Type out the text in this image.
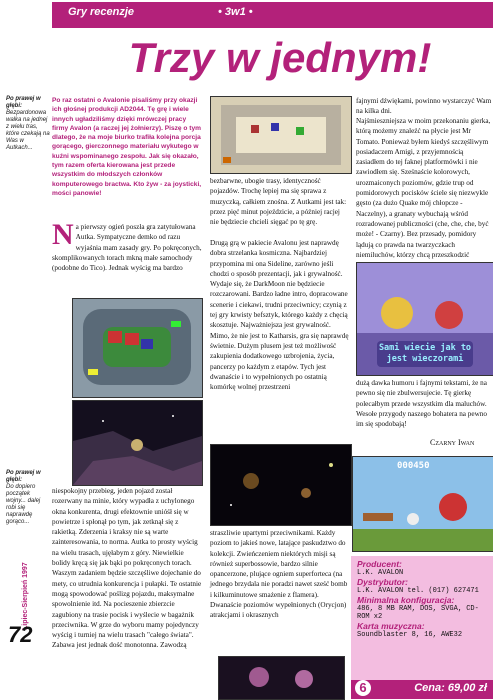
Gry recenzje	• 3w1 •
Trzy w jednym!
Po prawej w głębi:
Bezpardonowa walka na jednej z wielu tras, które czekają na Was w Autkach...
Po prawej w głębi:
Do dopiero początek wojny... dalej robi się naprawdę gorąco...
Po raz ostatni o Avalonie pisaliśmy przy okazji ich głośnej produkcji AD2044. Tę grę i wiele innych ugładziliśmy dzięki mrówczej pracy firmy Avalon (a raczej jej żołnierzy). Piszę o tym dlatego, że na moje biurko trafiła kolejna porcja gorącego, gierczonnego materiału wykutego w kuźni wspominanego zespołu. Jak się okazało, tym razem oferta kierowana jest przede wszystkim do młodszych członków komputerowego bractwa. Kto żyw - za joysticki, mości panowie!
N a pierwszy ogień poszła gra zatytułowana Autka. Sympatyczne demko od razu wyjaśnia mam zasady gry. Po pokręconych, skomplikowanych torach mkną małe samochody (podobne do Tico). Jednak wyścig ma bardzo
niespokojny przebieg, jeden pojazd został rozerwany na minie, który wypadła z uchylonego okna konkurenta, drugi efektownie unióśł się w powietrze i spłonął po tym, jak zetknął się z rakietką. Zderzenia i kraksy nie są warte zainteresowania, to norma. Autka to prosty wyścig na wielu trasach, ujęłabym z góry. Niewielkie bolidy kręcą się jak bąki po pokręconych torach. Waszym zadaniem będzie szczęśliwe dojechanie do mety, co utrudnia konkurencja i pułapki. Te ostatnie mogą spowodować poślizg pojazdu, maksymalne spowolnienie itd. Na pocieszenie zbierzcie zagubiony na trasie pocisk i wyślecie w bagażnik przeciwnika. W grze do wyboru mamy pojedynczy wyścig i turniej na wielu trasach "całego świata". Zabawa jest jednak dość monotonna. Zawodzą
bezbarwne, ubogie trasy, identyczność pojazdów. Trochę lepiej ma się sprawa z muzyczką, całkiem znośna. Z Autkami jest tak: przez pięć minut pojeździcie, a później racjej nie będziecie chcieli sięgać po tę grę.
Drugą grą w pakiecie Avalonu jest naprawdę dobra strzelanka kosmiczna. Najbardziej przypomina mi ona Sideline, zarówno jeśli chodzi o sposób prezentacji, jak i grywalność. Wydaje się, że DarkMoon nie będziecie rozczarowani. Bardzo ładne intro, dopracowane scenerie i ciekawi, trudni przeciwnicy; czynią z tej gry krwisty befsztyk, którego każdy z chęcią skosztuje. Najważniejsza jest grywalność. Mimo, że nie jest to Katharsis, gra się naprawdę świetnie. Dużym plusem jest też możliwość zakupienia dodatkowego uzbrojenia, życia, pancerzy po każdym z etapów. Tych jest dwanaście i to wypełnionych po ostatnią komórkę wolnej przestrzeni
straszliwie upartymi przeciwnikami. Każdy poziom to jakieś nowe, latające paskudztwo do kolekcji. Zwieńczeniem niektórych misji są również superbossowie, bardzo silnie opancerzone, plujące ogniem superforteca (na jednego brzydala nie poradzi nawet sześć bomb i kilkuminutowe smażenie z flamera). Dwanaście poziomów wypełnionych (Orycjon) atrakcjami i okrasznych
fajnymi dźwiękami, powinno wystarczyć Wam na kilka dni.
Najśmieszniejsza w moim przekonaniu gierka, którą możemy znaleźć na płycie jest Mr Tomato. Ponieważ byłem kiedyś szczęśliwym posiadaczem Amigi, z przyjemnością zasiadłem do tej faknej platformówki i nie zawiodłem się. Sześnaście kolorowych, urozmaiconych poziomów, gdzie trup od pomidorowych pocisków ściele się niezwykle gęsto (za dużo Quake mój chłopcze - Naczelny), a granaty wybuchają wśród rozradowanej publiczności (che, che, che, być może! - Czarny). Bez przesady, pomidory lądują co prawda na twarzyczkach niemiluchów, którzy chcą przeszkodzić
Sami wiecie jak to jest wieczorami
dużą dawka humoru i fajnymi tekstami, że na pewno się nie zbulwersujecie. Tę gierkę polecałbym przede wszystkim dla maluchów. Wesołe przygody naszego bohatera na pewno im się spodobają!
Czarny Iwan
000450
Lipiec-Sierpień 1997
72
Producent:
L.K. AVALON
Dystrybutor:
L.K. AVALON tel. (017) 627471
Minimalna konfiguracja:
486, 8 MB RAM, DOS, SVGA, CD-ROM x2
Karta muzyczna:
Soundblaster 8, 16, AWE32
6	Cena: 69,00 zł
